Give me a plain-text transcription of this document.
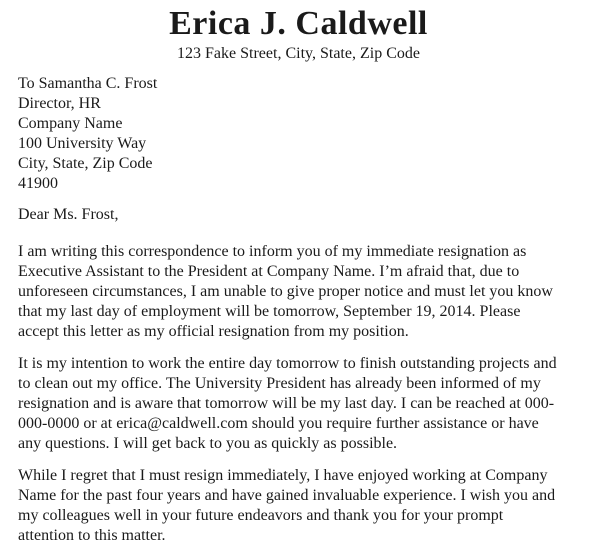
Erica J. Caldwell
123 Fake Street, City, State, Zip Code
To Samantha C. Frost
Director, HR
Company Name
100 University Way
City, State, Zip Code
41900
Dear Ms. Frost,
I am writing this correspondence to inform you of my immediate resignation as
Executive Assistant to the President at Company Name. I’m afraid that, due to
unforeseen circumstances, I am unable to give proper notice and must let you know
that my last day of employment will be tomorrow, September 19, 2014. Please
accept this letter as my official resignation from my position.
It is my intention to work the entire day tomorrow to finish outstanding projects and
to clean out my office. The University President has already been informed of my
resignation and is aware that tomorrow will be my last day. I can be reached at 000-
000-0000 or at erica@caldwell.com should you require further assistance or have
any questions. I will get back to you as quickly as possible.
While I regret that I must resign immediately, I have enjoyed working at Company
Name for the past four years and have gained invaluable experience. I wish you and
my colleagues well in your future endeavors and thank you for your prompt
attention to this matter.
